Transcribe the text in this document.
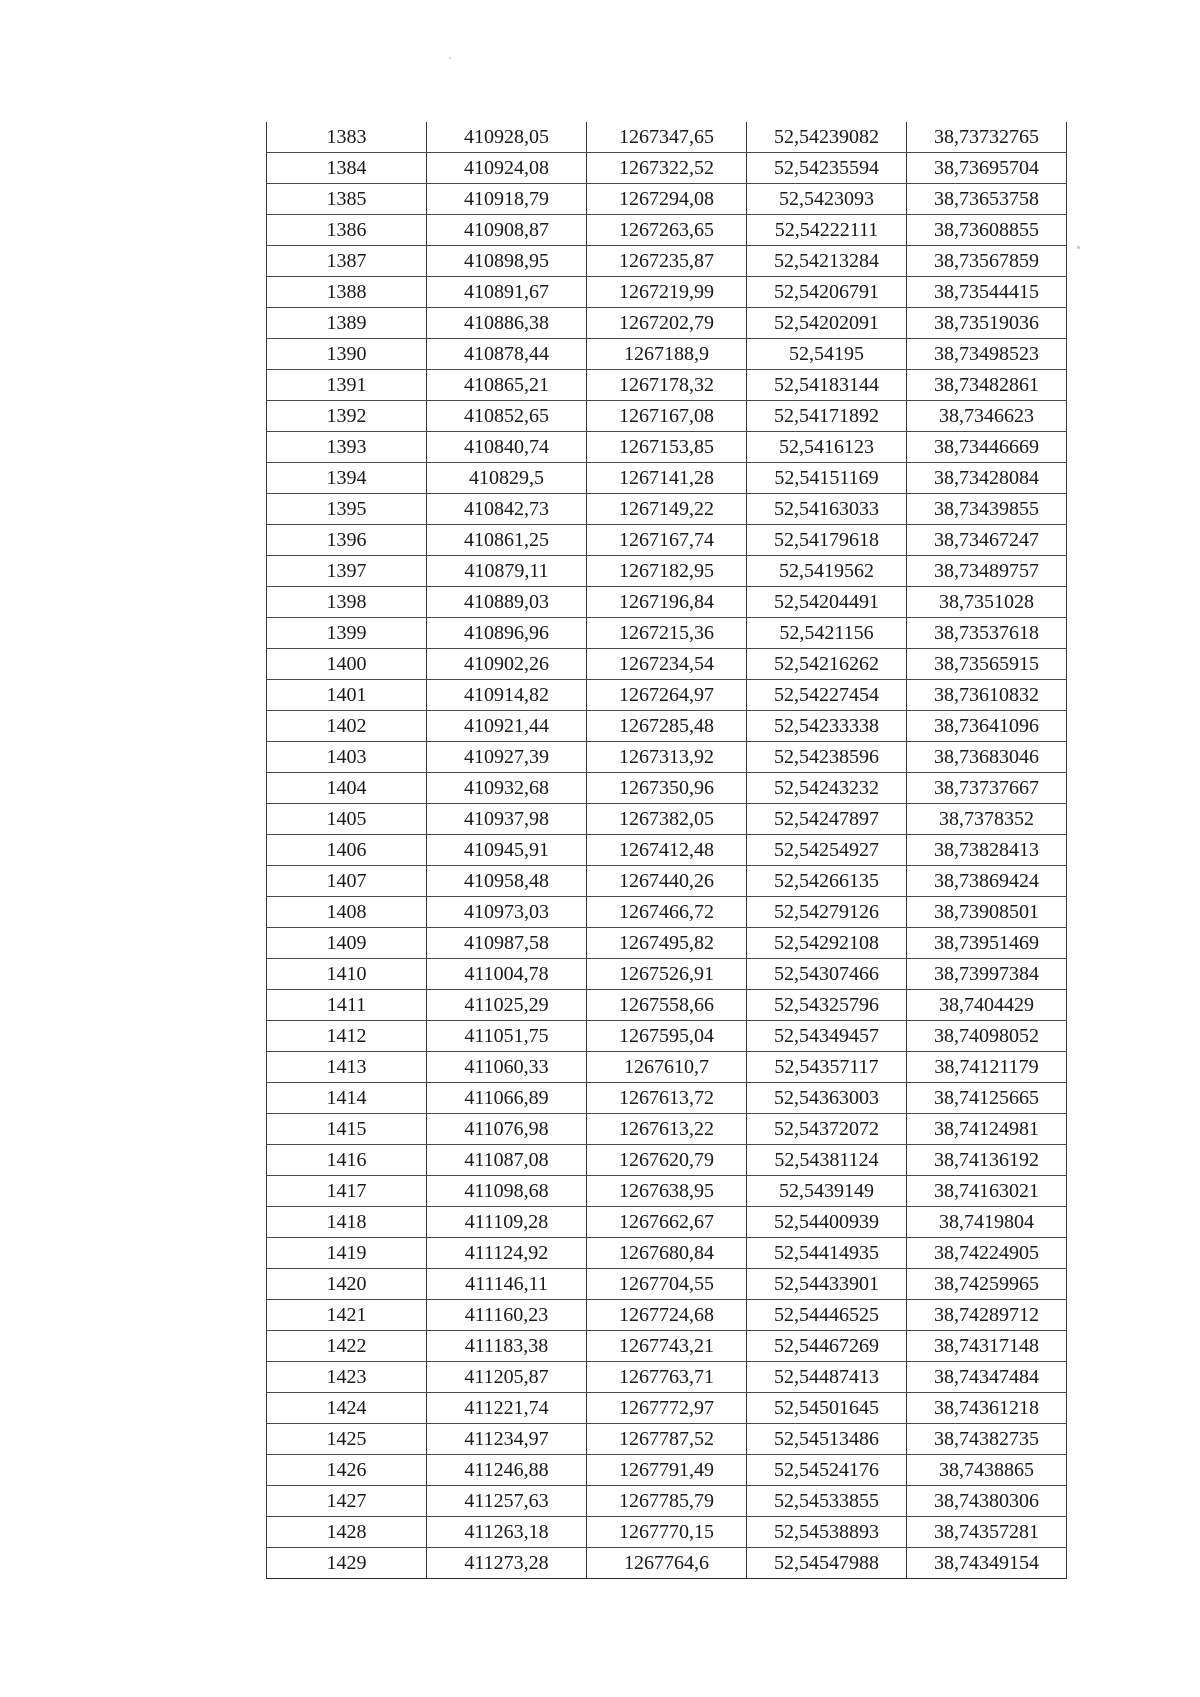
1383	410928,05	1267347,65	52,54239082	38,73732765
1384	410924,08	1267322,52	52,54235594	38,73695704
1385	410918,79	1267294,08	52,5423093	38,73653758
1386	410908,87	1267263,65	52,54222111	38,73608855
1387	410898,95	1267235,87	52,54213284	38,73567859
1388	410891,67	1267219,99	52,54206791	38,73544415
1389	410886,38	1267202,79	52,54202091	38,73519036
1390	410878,44	1267188,9	52,54195	38,73498523
1391	410865,21	1267178,32	52,54183144	38,73482861
1392	410852,65	1267167,08	52,54171892	38,7346623
1393	410840,74	1267153,85	52,5416123	38,73446669
1394	410829,5	1267141,28	52,54151169	38,73428084
1395	410842,73	1267149,22	52,54163033	38,73439855
1396	410861,25	1267167,74	52,54179618	38,73467247
1397	410879,11	1267182,95	52,5419562	38,73489757
1398	410889,03	1267196,84	52,54204491	38,7351028
1399	410896,96	1267215,36	52,5421156	38,73537618
1400	410902,26	1267234,54	52,54216262	38,73565915
1401	410914,82	1267264,97	52,54227454	38,73610832
1402	410921,44	1267285,48	52,54233338	38,73641096
1403	410927,39	1267313,92	52,54238596	38,73683046
1404	410932,68	1267350,96	52,54243232	38,73737667
1405	410937,98	1267382,05	52,54247897	38,7378352
1406	410945,91	1267412,48	52,54254927	38,73828413
1407	410958,48	1267440,26	52,54266135	38,73869424
1408	410973,03	1267466,72	52,54279126	38,73908501
1409	410987,58	1267495,82	52,54292108	38,73951469
1410	411004,78	1267526,91	52,54307466	38,73997384
1411	411025,29	1267558,66	52,54325796	38,7404429
1412	411051,75	1267595,04	52,54349457	38,74098052
1413	411060,33	1267610,7	52,54357117	38,74121179
1414	411066,89	1267613,72	52,54363003	38,74125665
1415	411076,98	1267613,22	52,54372072	38,74124981
1416	411087,08	1267620,79	52,54381124	38,74136192
1417	411098,68	1267638,95	52,5439149	38,74163021
1418	411109,28	1267662,67	52,54400939	38,7419804
1419	411124,92	1267680,84	52,54414935	38,74224905
1420	411146,11	1267704,55	52,54433901	38,74259965
1421	411160,23	1267724,68	52,54446525	38,74289712
1422	411183,38	1267743,21	52,54467269	38,74317148
1423	411205,87	1267763,71	52,54487413	38,74347484
1424	411221,74	1267772,97	52,54501645	38,74361218
1425	411234,97	1267787,52	52,54513486	38,74382735
1426	411246,88	1267791,49	52,54524176	38,7438865
1427	411257,63	1267785,79	52,54533855	38,74380306
1428	411263,18	1267770,15	52,54538893	38,74357281
1429	411273,28	1267764,6	52,54547988	38,74349154
